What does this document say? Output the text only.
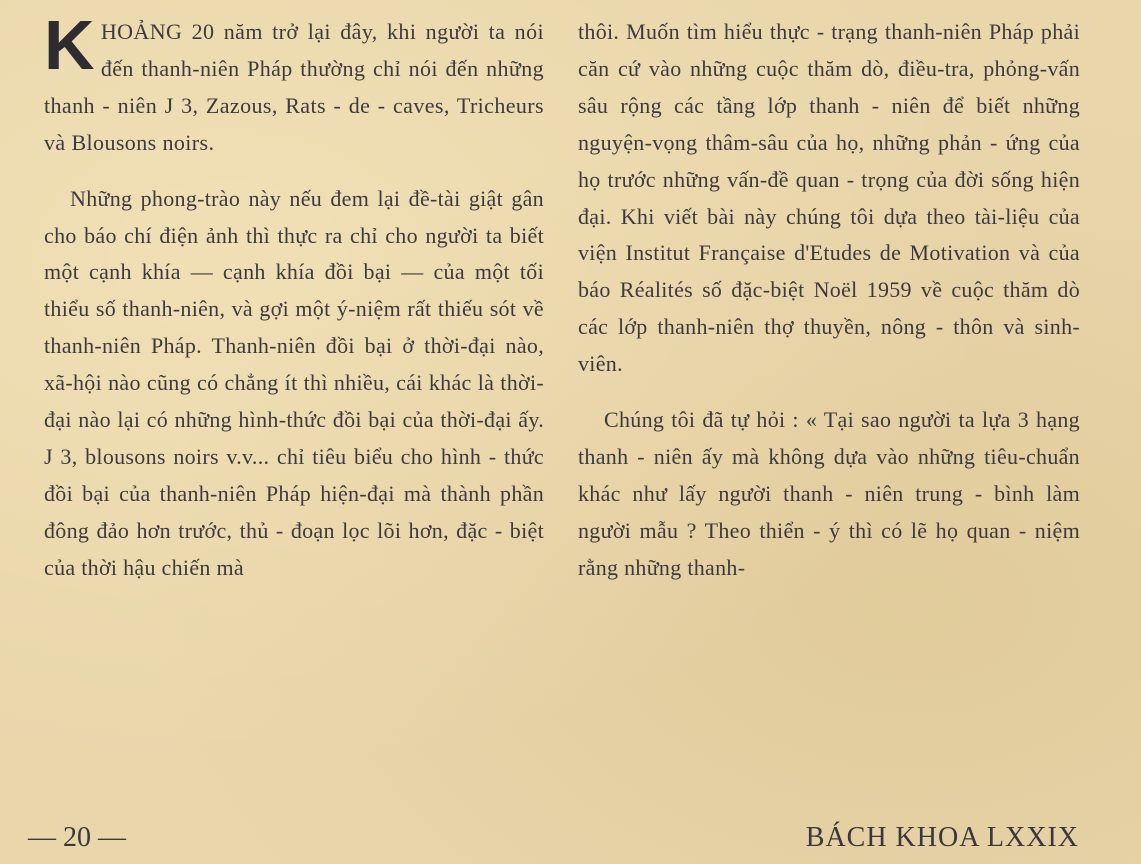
KHOẢNG 20 năm trở lại đây, khi người ta nói đến thanh-niên Pháp thường chỉ nói đến những thanh - niên J 3, Zazous, Rats - de - caves, Tricheurs và Blousons noirs.

Những phong-trào này nếu đem lại đề-tài giật gân cho báo chí điện ảnh thì thực ra chỉ cho người ta biết một cạnh khía — cạnh khía đồi bại — của một tối thiểu số thanh-niên, và gợi một ý-niệm rất thiếu sót về thanh-niên Pháp. Thanh-niên đồi bại ở thời-đại nào, xã-hội nào cũng có chẳng ít thì nhiều, cái khác là thời-đại nào lại có những hình-thức đồi bại của thời-đại ấy. J 3, blousons noirs v.v... chỉ tiêu biểu cho hình - thức đồi bại của thanh-niên Pháp hiện-đại mà thành phần đông đảo hơn trước, thủ - đoạn lọc lõi hơn, đặc - biệt của thời hậu chiến mà

thôi. Muốn tìm hiểu thực - trạng thanh-niên Pháp phải căn cứ vào những cuộc thăm dò, điều-tra, phỏng-vấn sâu rộng các tầng lớp thanh - niên để biết những nguyện-vọng thâm-sâu của họ, những phản - ứng của họ trước những vấn-đề quan - trọng của đời sống hiện đại. Khi viết bài này chúng tôi dựa theo tài-liệu của viện Institut Française d'Etudes de Motivation và của báo Réalités số đặc-biệt Noël 1959 về cuộc thăm dò các lớp thanh-niên thợ thuyền, nông - thôn và sinh-viên.

Chúng tôi đã tự hỏi : « Tại sao người ta lựa 3 hạng thanh - niên ấy mà không dựa vào những tiêu-chuẩn khác như lấy người thanh - niên trung - bình làm người mẫu ? Theo thiển - ý thì có lẽ họ quan - niệm rằng những thanh-

— 20 —	BÁCH KHOA LXXIX
